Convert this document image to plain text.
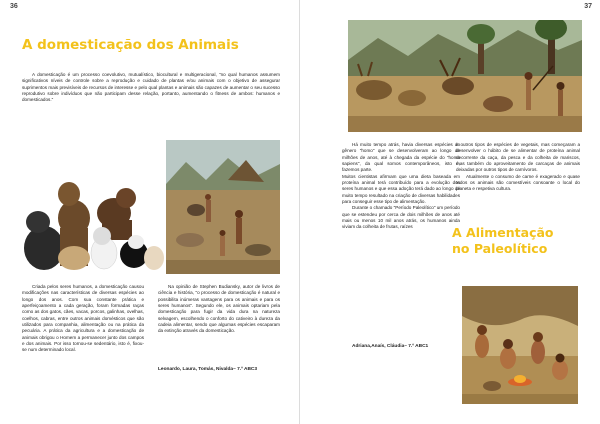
36
A domesticação dos Animais

A domesticação é um processo coevolutivo, mutualístico, biocultural e multigeracional, "no qual humanos assumem significativos níveis de controle sobre a reprodução e cuidado de plantas e/ou animais com o objetivo de assegurar suprimentos mais previsíveis de recursos de interesse e pelo qual plantas e animais são capazes de aumentar o seu sucesso reprodutivo sobre indivíduos que não participam desse relação, portanto, aumentando o fitness de ambos: humanos e domesticados."

Criada pelos seres humanos, a domesticação causou modificações nas características de diversas espécies ao longo dos anos. Com sua constante prática e aperfeiçoamento a cada geração, foram formadas raças como as dos gatos, cães, vacas, porcos, galinhas, ovelhas, coelhos, cabras, entre outros animais domésticos que são utilizados para companhia, alimentação ou na prática da pecuária. A prática da agricultura e a domesticação de animais obrigou o Homem a permanecer junto dos campos e dos animais. Por isso tornou-se sedentário, isto é, fixou-se num determinado local.

Na opinião de Stephen Budiansky, autor de livros de ciência e história, "o processo de domesticação é natural e possibilita inúmeras vantagens para os animais e para os seres humanos". Segundo ele, os animais optariam pela domesticação para fugir da vida dura na natureza selvagem, escolhendo o conforto do cativeiro à dureza da cadeia alimentar, sendo que algumas espécies escaparam da extinção através da domesticação.

Leonardo, Laura, Tomás, Nivalda– 7.º ABC3
37

Há muito tempo atrás, havia diversas espécies do gênero "homo" que se desenvolveram ao longo de milhões de anos, até à chegada da espécie do "homo sapiens", da qual somos contemporâneos, isto é, fazemos parte.

Muitos cientistas afirmam que uma dieta baseada em proteína animal terá contribuído para a evolução dos seres humanos e que essa adoção terá dado ao longo de muito tempo resultado na criação de diversas habilidades para conseguir esse tipo de alimentação.

Durante o chamado "Período Paleolítico" um período que se estendeu por cerca de dois milhões de anos até mais ou menos 10 mil anos atrás, os humanos ainda viviam da colheita de frutas, raízes

e outros tipos de espécies de vegetais, mas começaram a desenvolver o hábito de se alimentar de proteína animal decorrente da caça, da pesca e da colheita de mariscos, mas também do aproveitamento de carcaças de animais deixadas por outros tipos de carnívoros.

Atualmente o consumo de carne é exagerado e quase todos os animais são comestíveis consoante o local do planeta e respetiva cultura.

A Alimentação
no Paleolítico
Adriana,Anaís, Cláudia– 7.º ABC1
